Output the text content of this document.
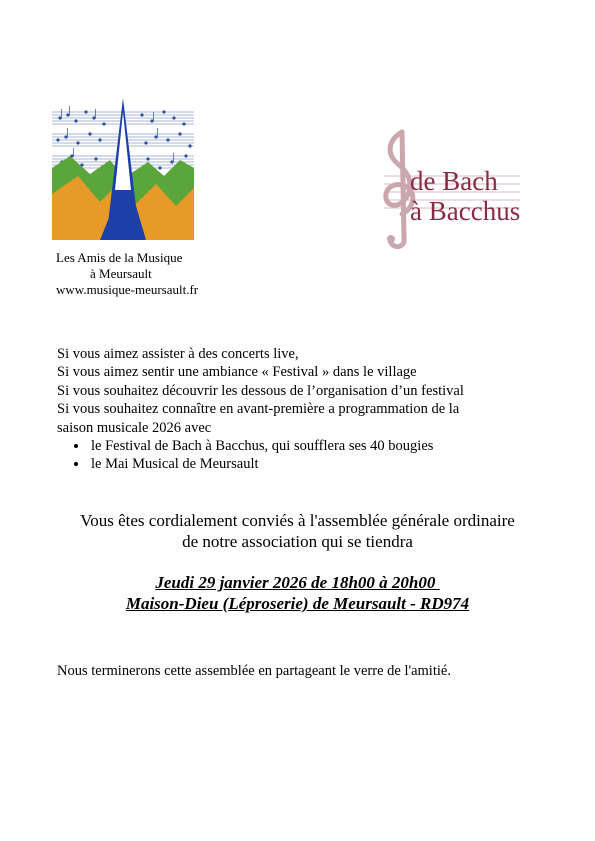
Les Amis de la Musique
à Meursault
www.musique-meursault.fr
de Bach
à Bacchus

Si vous aimez assister à des concerts live,

Si vous aimez sentir une ambiance « Festival » dans le village

Si vous souhaitez découvrir les dessous de l’organisation d’un festival

Si vous souhaitez connaître en avant-première a programmation de la

saison musicale 2026 avec

• le Festival de Bach à Bacchus, qui soufflera ses 40 bougies
• le Mai Musical de Meursault

Vous êtes cordialement conviés à l'assemblée générale ordinaire

de notre association qui se tiendra

Jeudi 29 janvier 2026 de 18h00 à 20h00

Maison-Dieu (Léproserie) de Meursault - RD974

Nous terminerons cette assemblée en partageant le verre de l'amitié.
